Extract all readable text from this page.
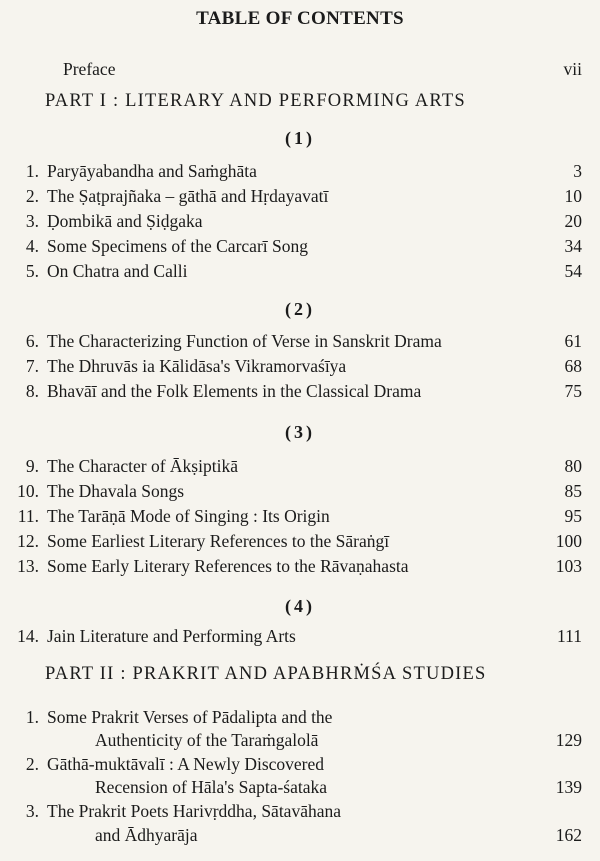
TABLE OF CONTENTS
Preface	vii
PART I : LITERARY AND PERFORMING ARTS
(1)
1. Paryāyabandha and Saṁghāta	3
2. The Ṣaṭprajñaka – gāthā and Hṛdayavatī	10
3. Ḍombikā and Ṣiḍgaka	20
4. Some Specimens of the Carcarī Song	34
5. On Chatra and Calli	54
(2)
6. The Characterizing Function of Verse in Sanskrit Drama	61
7. The Dhruvās ia Kālidāsa's Vikramorvaśīya	68
8. Bhavāī and the Folk Elements in the Classical Drama	75
(3)
9. The Character of Ākṣiptikā	80
10. The Dhavala Songs	85
11. The Tarāṇā Mode of Singing : Its Origin	95
12. Some Earliest Literary References to the Sāraṅgī	100
13. Some Early Literary References to the Rāvaṇahasta	103
(4)
14. Jain Literature and Performing Arts	111
PART II : PRAKRIT AND APABHRṀŚA STUDIES
1. Some Prakrit Verses of Pādalipta and the
Authenticity of the Taraṁgalolā	129
2. Gāthā-muktāvalī : A Newly Discovered
Recension of Hāla's Sapta-śataka	139
3. The Prakrit Poets Harivṛddha, Sātavāhana
and Ādhyarāja	162
